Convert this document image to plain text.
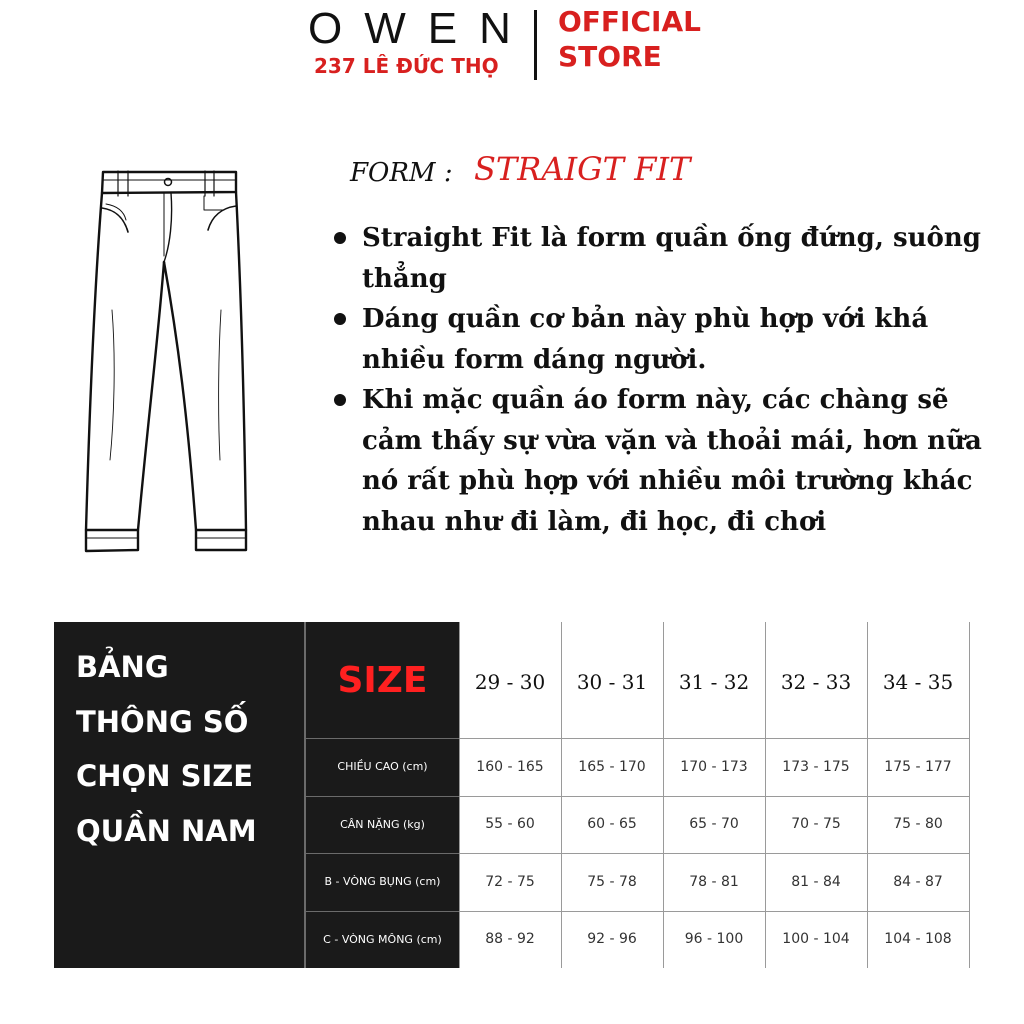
OWEN
237 LÊ ĐỨC THỌ
OFFICIAL
STORE
FORM : STRAIGT FIT
Straight Fit là form quần ống đứng, suông thẳng
Dáng quần cơ bản này phù hợp với khá nhiều form dáng người.
Khi mặc quần áo form này, các chàng sẽ cảm thấy sự vừa vặn và thoải mái, hơn nữa nó rất phù hợp với nhiều môi trường khác nhau như đi làm, đi học, đi chơi
BẢNG
THÔNG SỐ
CHỌN SIZE
QUẦN NAM
SIZE	29 - 30	30 - 31	31 - 32	32 - 33	34 - 35
CHIỀU CAO (cm)	160 - 165	165 - 170	170 - 173	173 - 175	175 - 177
CÂN NẶNG (kg)	55 - 60	60 - 65	65 - 70	70 - 75	75 - 80
B - VÒNG BỤNG (cm)	72 - 75	75 - 78	78 - 81	81 - 84	84 - 87
C - VÒNG MÔNG (cm)	88 - 92	92 - 96	96 - 100	100 - 104	104 - 108
